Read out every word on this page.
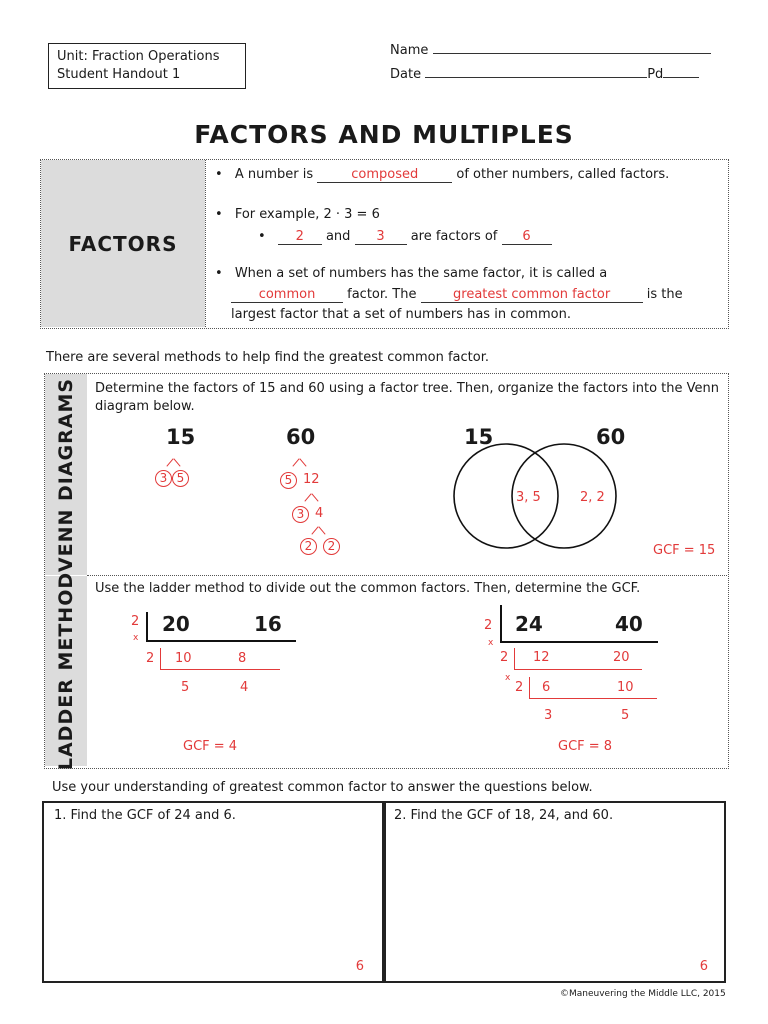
Unit: Fraction Operations
Student Handout 1
Name
Date	Pd
FACTORS AND MULTIPLES
FACTORS
• A number is	composed	of other numbers, called factors.
• For example, 2 · 3 = 6
• 2 and 3 are factors of 6
• When a set of numbers has the same factor, it is called a
common factor. The	greatest common factor	is the
largest factor that a set of numbers has in common.
There are several methods to help find the greatest common factor.
VENN DIAGRAMS Determine the factors of 15 and 60 using a factor tree. Then, organize the factors into the Venn diagram below.
15
3 5
60
5 12
3 4
2	2
15	60
3, 5	2, 2
GCF = 15
LADDER METHOD Use the ladder method to divide out the common factors. Then, determine the GCF.
2
x
20	16
2 10	8
5	4
GCF = 4
2
x
24	40
2 12	20
x
2 6	10
3	5
GCF = 8
Use your understanding of greatest common factor to answer the questions below.
1. Find the GCF of 24 and 6.
6
2. Find the GCF of 18, 24, and 60.
6
©Maneuvering the Middle LLC, 2015
